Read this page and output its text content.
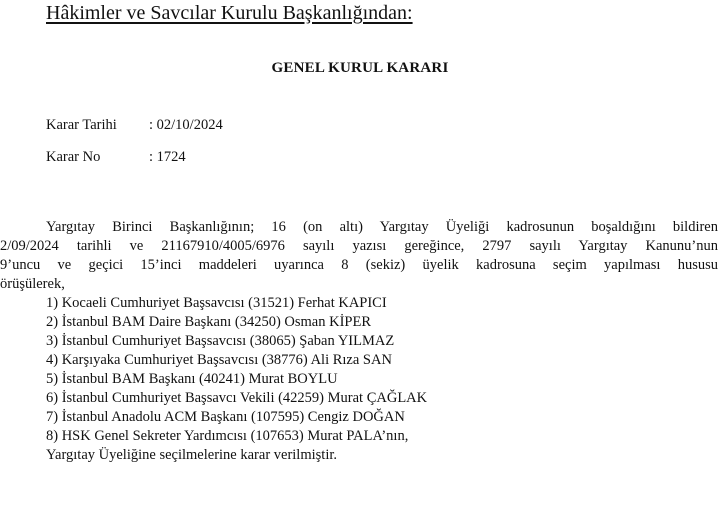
Hâkimler ve Savcılar Kurulu Başkanlığından:
GENEL KURUL KARARI
Karar Tarihi : 02/10/2024
Karar No	: 1724
Yargıtay Birinci Başkanlığının; 16 (on altı) Yargıtay Üyeliği kadrosunun boşaldığını bildiren
2/09/2024 tarihli ve 21167910/4005/6976 sayılı yazısı gereğince, 2797 sayılı Yargıtay Kanunu’nun
9’uncu ve geçici 15’inci maddeleri uyarınca 8 (sekiz) üyelik kadrosuna seçim yapılması hususu
örüşülerek,
1) Kocaeli Cumhuriyet Başsavcısı (31521) Ferhat KAPICI
2) İstanbul BAM Daire Başkanı (34250) Osman KİPER
3) İstanbul Cumhuriyet Başsavcısı (38065) Şaban YILMAZ
4) Karşıyaka Cumhuriyet Başsavcısı (38776) Ali Rıza SAN
5) İstanbul BAM Başkanı (40241) Murat BOYLU
6) İstanbul Cumhuriyet Başsavcı Vekili (42259) Murat ÇAĞLAK
7) İstanbul Anadolu ACM Başkanı (107595) Cengiz DOĞAN
8) HSK Genel Sekreter Yardımcısı (107653) Murat PALA’nın,
Yargıtay Üyeliğine seçilmelerine karar verilmiştir.
